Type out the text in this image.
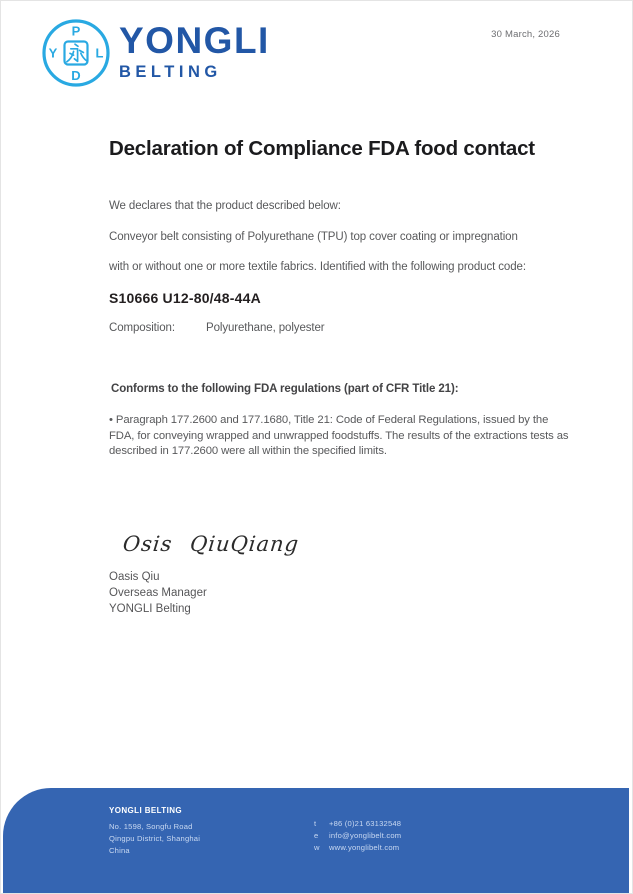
P
Y	L
D
YONGLI
BELTING
30 March, 2026
Declaration of Compliance FDA food contact
We declares that the product described below:
Conveyor belt consisting of Polyurethane (TPU) top cover coating or impregnation
with or without one or more textile fabrics. Identified with the following product code:
S10666 U12-80/48-44A
Composition:	Polyurethane, polyester
Conforms to the following FDA regulations (part of CFR Title 21):
• Paragraph 177.2600 and 177.1680, Title 21: Code of Federal Regulations, issued by the FDA, for conveying wrapped and unwrapped foodstuffs. The results of the extractions tests as described in 177.2600 were all within the specified limits.
Osis QiuQiang
Oasis Qiu
Overseas Manager
YONGLI Belting
YONGLI BELTING
No. 1598, Songfu Road
Qingpu District, Shanghai
China
t	+86 (0)21 63132548
e	info@yonglibelt.com
w	www.yonglibelt.com
